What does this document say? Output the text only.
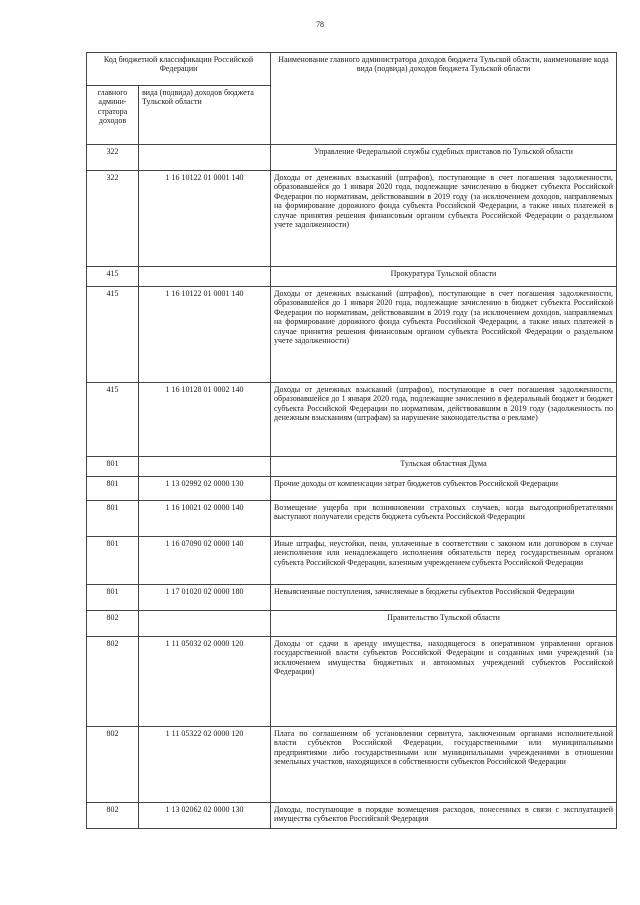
78
Код бюджетной классификации Российской Федерации		Наименование главного администратора доходов бюджета Тульской области, наименование кода вида (подвида) доходов бюджета Тульской области
главного админи-стратора доходов	вида (подвида) доходов бюджета Тульской области	
322		Управление Федеральной службы судебных приставов по Тульской области
322	1 16 10122 01 0001 140	Доходы от денежных взысканий (штрафов), поступающие в счет погашения задолженности, образовавшейся до 1 января 2020 года, подлежащие зачислению в бюджет субъекта Российской Федерации по нормативам, действовавшим в 2019 году (за исключением доходов, направляемых на формирование дорожного фонда субъекта Российской Федерации, а также иных платежей в случае принятия решения финансовым органом субъекта Российской Федерации о раздельном учете задолженности)
415		Прокуратура Тульской области
415	1 16 10122 01 0001 140	Доходы от денежных взысканий (штрафов), поступающие в счет погашения задолженности, образовавшейся до 1 января 2020 года, подлежащие зачислению в бюджет субъекта Российской Федерации по нормативам, действовавшим в 2019 году (за исключением доходов, направляемых на формирование дорожного фонда субъекта Российской Федерации, а также иных платежей в случае принятия решения финансовым органом субъекта Российской Федерации о раздельном учете задолженности)
415	1 16 10128 01 0002 140	Доходы от денежных взысканий (штрафов), поступающие в счет погашения задолженности, образовавшейся до 1 января 2020 года, подлежащие зачислению в федеральный бюджет и бюджет субъекта Российской Федерации по нормативам, действовавшим в 2019 году (задолженность по денежным взысканиям (штрафам) за нарушение законодательства о рекламе)
801		Тульская областная Дума
801	1 13 02992 02 0000 130	Прочие доходы от компенсации затрат бюджетов субъектов Российской Федерации
801	1 16 10021 02 0000 140	Возмещение ущерба при возникновении страховых случаев, когда выгодоприобретателями выступают получатели средств бюджета субъекта Российской Федерации
801	1 16 07090 02 0000 140	Иные штрафы, неустойки, пени, уплаченные в соответствии с законом или договором в случае неисполнения или ненадлежащего исполнения обязательств перед государственным органом субъекта Российской Федерации, казенным учреждением субъекта Российской Федерации
801	1 17 01020 02 0000 180	Невыясненные поступления, зачисляемые в бюджеты субъектов Российской Федерации
802		Правительство Тульской области
802	1 11 05032 02 0000 120	Доходы от сдачи в аренду имущества, находящегося в оперативном управлении органов государственной власти субъектов Российской Федерации и созданных ими учреждений (за исключением имущества бюджетных и автономных учреждений субъектов Российской Федерации)
802	1 11 05322 02 0000 120	Плата по соглашениям об установлении сервитута, заключенным органами исполнительной власти субъектов Российской Федерации, государственными или муниципальными предприятиями либо государственными или муниципальными учреждениями в отношении земельных участков, находящихся в собственности субъектов Российской Федерации
802	1 13 02062 02 0000 130	Доходы, поступающие в порядке возмещения расходов, понесенных в связи с эксплуатацией имущества субъектов Российской Федерации
